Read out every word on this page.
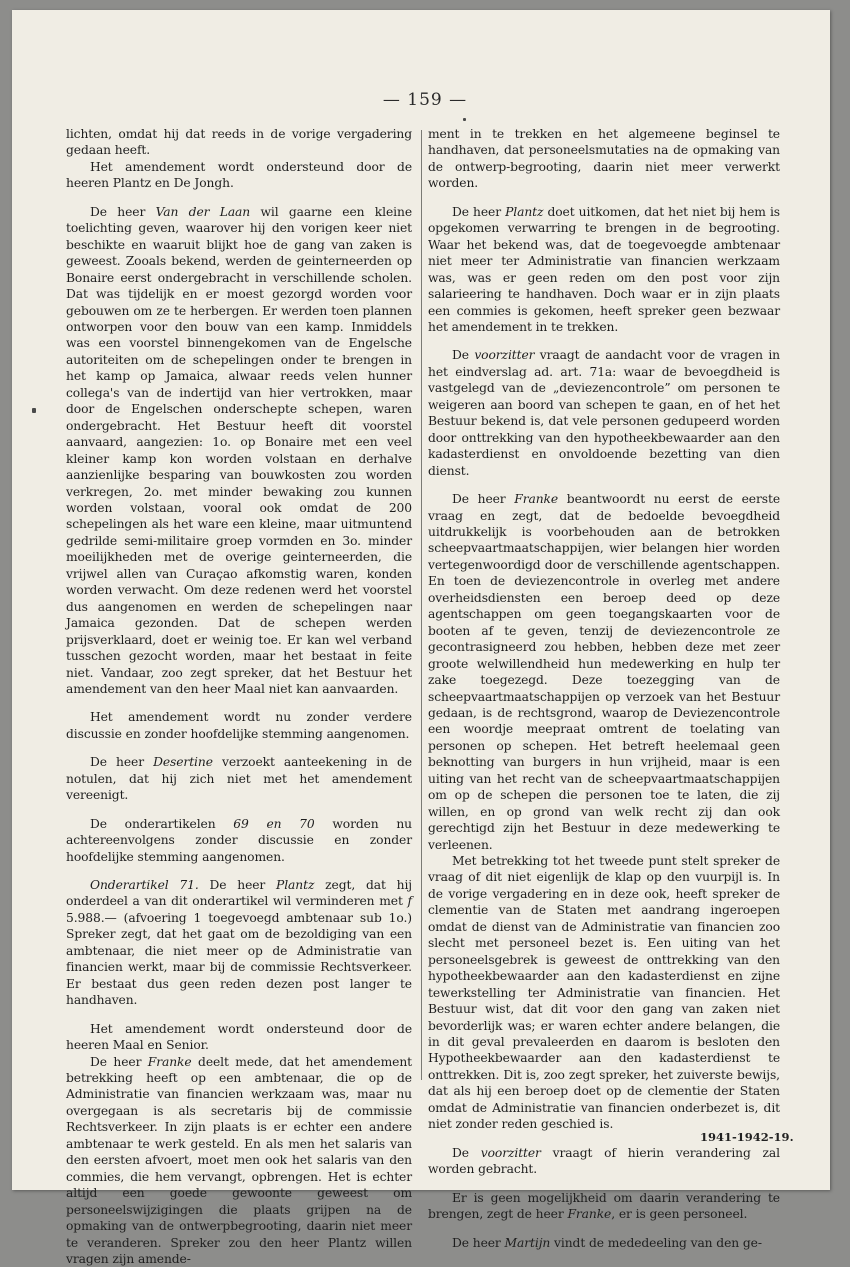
— 159 —

lichten, omdat hij dat reeds in de vorige vergadering gedaan heeft.

Het amendement wordt ondersteund door de heeren Plantz en De Jongh.

De heer Van der Laan wil gaarne een kleine toelichting geven, waarover hij den vorigen keer niet beschikte en waaruit blijkt hoe de gang van zaken is geweest. Zooals bekend, werden de geinterneerden op Bonaire eerst ondergebracht in verschillende scholen. Dat was tijdelijk en er moest gezorgd worden voor gebouwen om ze te herbergen. Er werden toen plannen ontworpen voor den bouw van een kamp. Inmiddels was een voorstel binnengekomen van de Engelsche autoriteiten om de schepelingen onder te brengen in het kamp op Jamaica, alwaar reeds velen hunner collega's van de indertijd van hier vertrokken, maar door de Engelschen onderschepte schepen, waren ondergebracht. Het Bestuur heeft dit voorstel aanvaard, aangezien: 1o. op Bonaire met een veel kleiner kamp kon worden volstaan en derhalve aanzienlijke besparing van bouwkosten zou worden verkregen, 2o. met minder bewaking zou kunnen worden volstaan, vooral ook omdat de 200 schepelingen als het ware een kleine, maar uitmuntend gedrilde semi-militaire groep vormden en 3o. minder moeilijkheden met de overige geinterneerden, die vrijwel allen van Curaçao afkomstig waren, konden worden verwacht. Om deze redenen werd het voorstel dus aangenomen en werden de schepelingen naar Jamaica gezonden. Dat de schepen werden prijsverklaard, doet er weinig toe. Er kan wel verband tusschen gezocht worden, maar het bestaat in feite niet. Vandaar, zoo zegt spreker, dat het Bestuur het amendement van den heer Maal niet kan aanvaarden.

Het amendement wordt nu zonder verdere discussie en zonder hoofdelijke stemming aangenomen.

De heer Desertine verzoekt aanteekening in de notulen, dat hij zich niet met het amendement vereenigt.

De onderartikelen 69 en 70 worden nu achtereenvolgens zonder discussie en zonder hoofdelijke stemming aangenomen.

Onderartikel 71. De heer Plantz zegt, dat hij onderdeel a van dit onderartikel wil verminderen met f 5.988.— (afvoering 1 toegevoegd ambtenaar sub 1o.) Spreker zegt, dat het gaat om de bezoldiging van een ambtenaar, die niet meer op de Administratie van financien werkt, maar bij de commissie Rechtsverkeer. Er bestaat dus geen reden dezen post langer te handhaven.

Het amendement wordt ondersteund door de heeren Maal en Senior.

De heer Franke deelt mede, dat het amendement betrekking heeft op een ambtenaar, die op de Administratie van financien werkzaam was, maar nu overgegaan is als secretaris bij de commissie Rechtsverkeer. In zijn plaats is er echter een andere ambtenaar te werk gesteld. En als men het salaris van den eersten afvoert, moet men ook het salaris van den commies, die hem vervangt, opbrengen. Het is echter altijd een goede gewoonte geweest om personeelswijzigingen die plaats grijpen na de opmaking van de ontwerpbegrooting, daarin niet meer te veranderen. Spreker zou den heer Plantz willen vragen zijn amende-

ment in te trekken en het algemeene beginsel te handhaven, dat personeelsmutaties na de opmaking van de ontwerp-begrooting, daarin niet meer verwerkt worden.

De heer Plantz doet uitkomen, dat het niet bij hem is opgekomen verwarring te brengen in de begrooting. Waar het bekend was, dat de toegevoegde ambtenaar niet meer ter Administratie van financien werkzaam was, was er geen reden om den post voor zijn salarieering te handhaven. Doch waar er in zijn plaats een commies is gekomen, heeft spreker geen bezwaar het amendement in te trekken.

De voorzitter vraagt de aandacht voor de vragen in het eindverslag ad. art. 71a: waar de bevoegdheid is vastgelegd van de „deviezencontrole” om personen te weigeren aan boord van schepen te gaan, en of het het Bestuur bekend is, dat vele personen gedupeerd worden door onttrekking van den hypotheekbewaarder aan den kadasterdienst en onvoldoende bezetting van dien dienst.

De heer Franke beantwoordt nu eerst de eerste vraag en zegt, dat de bedoelde bevoegdheid uitdrukkelijk is voorbehouden aan de betrokken scheepvaartmaatschappijen, wier belangen hier worden vertegenwoordigd door de verschillende agentschappen. En toen de deviezencontrole in overleg met andere overheidsdiensten een beroep deed op deze agentschappen om geen toegangskaarten voor de booten af te geven, tenzij de deviezencontrole ze gecontrasigneerd zou hebben, hebben deze met zeer groote welwillendheid hun medewerking en hulp ter zake toegezegd. Deze toezegging van de scheepvaartmaatschappijen op verzoek van het Bestuur gedaan, is de rechtsgrond, waarop de Deviezencontrole een woordje meepraat omtrent de toelating van personen op schepen. Het betreft heelemaal geen beknotting van burgers in hun vrijheid, maar is een uiting van het recht van de scheepvaartmaatschappijen om op de schepen die personen toe te laten, die zij willen, en op grond van welk recht zij dan ook gerechtigd zijn het Bestuur in deze medewerking te verleenen.

Met betrekking tot het tweede punt stelt spreker de vraag of dit niet eigenlijk de klap op den vuurpijl is. In de vorige vergadering en in deze ook, heeft spreker de clementie van de Staten met aandrang ingeroepen omdat de dienst van de Administratie van financien zoo slecht met personeel bezet is. Een uiting van het personeelsgebrek is geweest de onttrekking van den hypotheekbewaarder aan den kadasterdienst en zijne tewerkstelling ter Administratie van financien. Het Bestuur wist, dat dit voor den gang van zaken niet bevorderlijk was; er waren echter andere belangen, die in dit geval prevaleerden en daarom is besloten den Hypotheekbewaarder aan den kadasterdienst te onttrekken. Dit is, zoo zegt spreker, het zuiverste bewijs, dat als hij een beroep doet op de clementie der Staten omdat de Administratie van financien onderbezet is, dit niet zonder reden geschied is.

De voorzitter vraagt of hierin verandering zal worden gebracht.

Er is geen mogelijkheid om daarin verandering te brengen, zegt de heer Franke, er is geen personeel.

De heer Martijn vindt de mededeeling van den ge-

1941-1942-19.
